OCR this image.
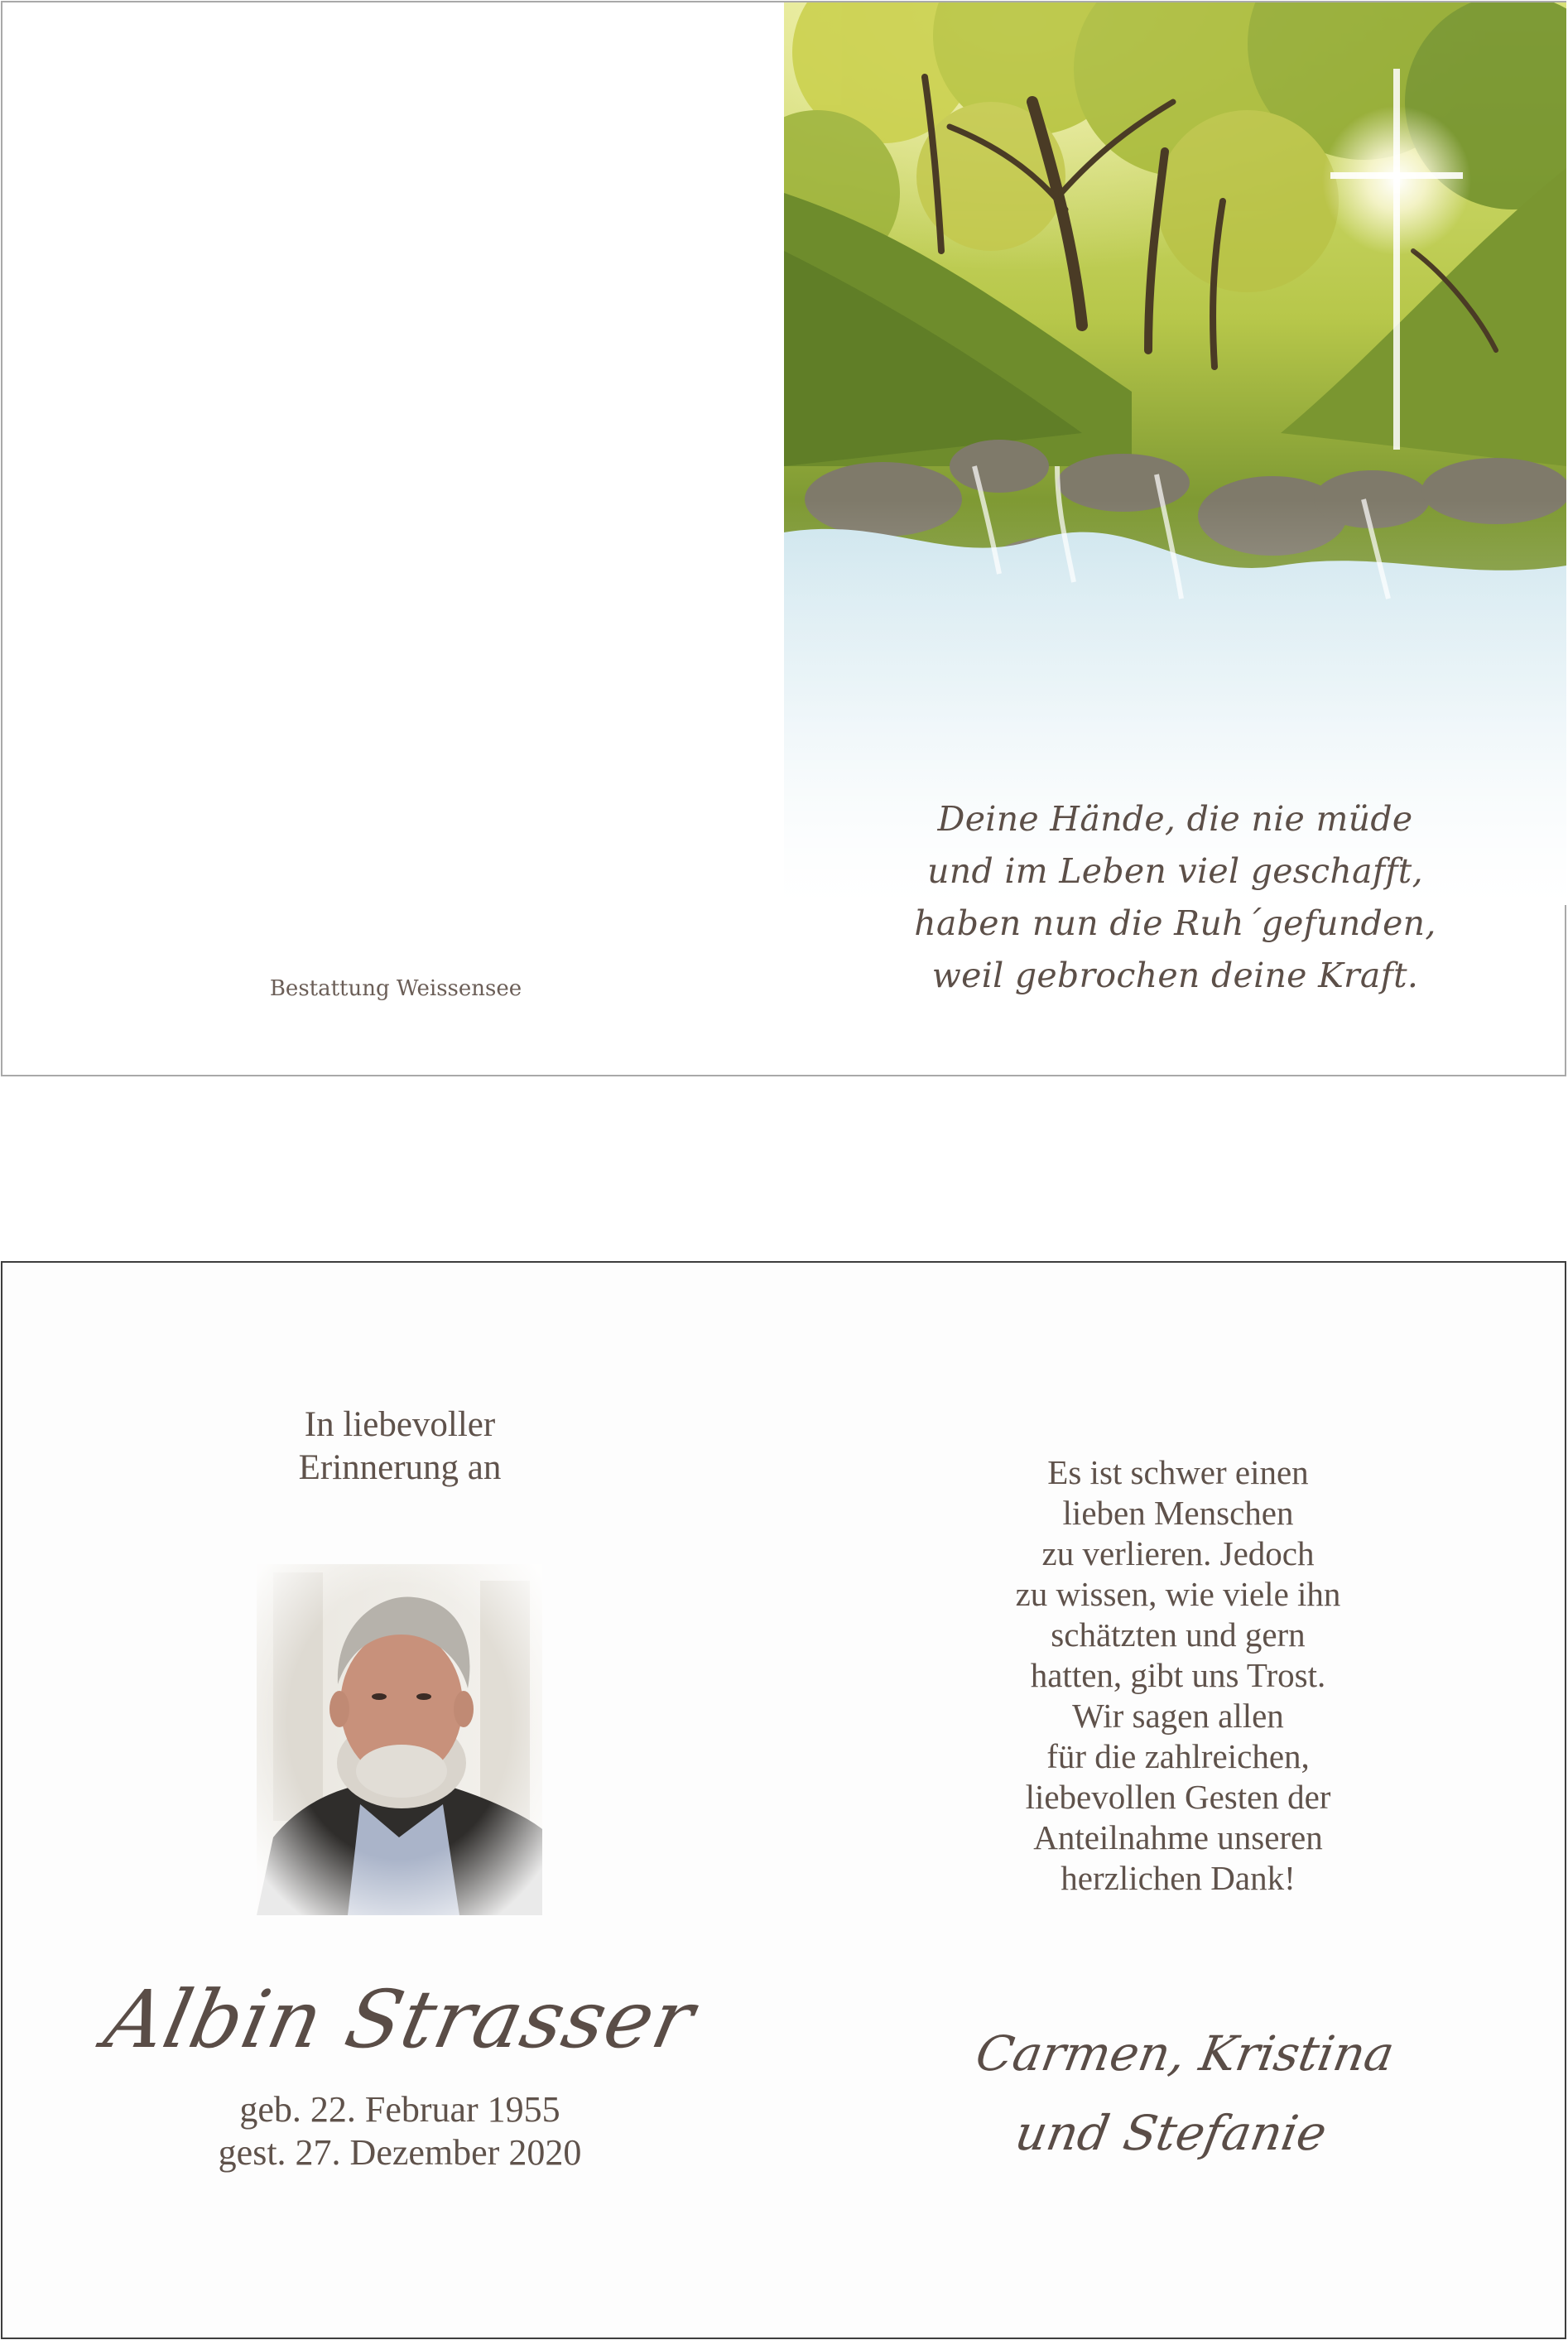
Deine Hände, die nie müde
und im Leben viel geschafft,
haben nun die Ruh´gefunden,
weil gebrochen deine Kraft.
Bestattung Weissensee
In liebevoller
Erinnerung an
Albin Strasser
geb. 22. Februar 1955
gest. 27. Dezember 2020
Es ist schwer einen
lieben Menschen
zu verlieren. Jedoch
zu wissen, wie viele ihn
schätzten und gern
hatten, gibt uns Trost.
Wir sagen allen
für die zahlreichen,
liebevollen Gesten der
Anteilnahme unseren
herzlichen Dank!
Carmen, Kristina
und Stefanie
